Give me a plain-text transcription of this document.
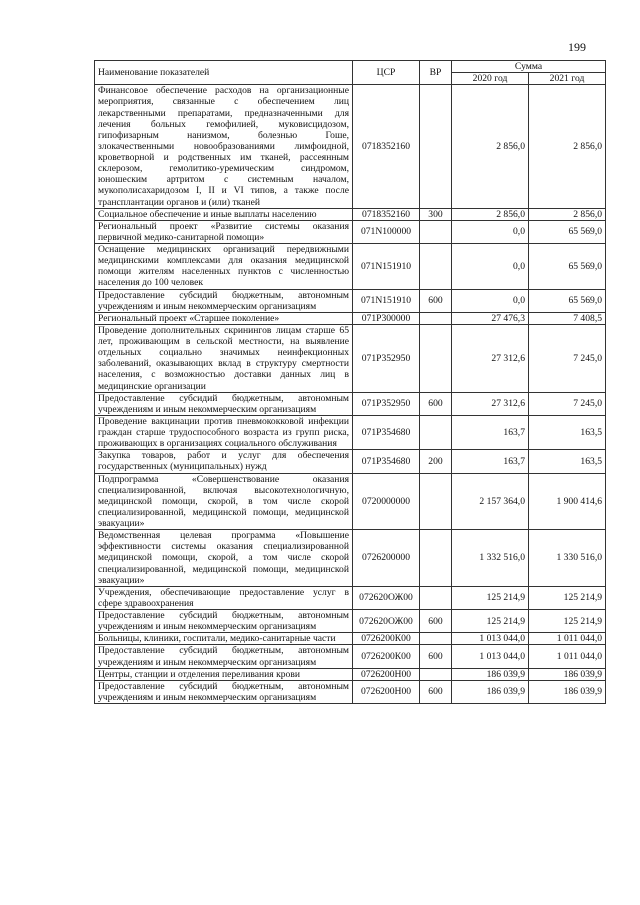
199
Наименование показателей	ЦСР	ВР	Сумма	
			2020 год	2021 год
Финансовое обеспечение расходов на организационные мероприятия, связанные с обеспечением лиц лекарственными препаратами, предназначенными для лечения больных гемофилией, муковисцидозом, гипофизарным нанизмом, болезнью Гоше, злокачественными новообразованиями лимфоидной, кроветворной и родственных им тканей, рассеянным склерозом, гемолитико-уремическим синдромом, юношеским артритом с системным началом, мукополисахаридозом I, II и VI типов, а также после трансплантации органов и (или) тканей	0718352160		2 856,0	2 856,0
Социальное обеспечение и иные выплаты населению	0718352160	300	2 856,0	2 856,0
Региональный проект «Развитие системы оказания первичной медико-санитарной помощи»	071N100000		0,0	65 569,0
Оснащение медицинских организаций передвижными медицинскими комплексами для оказания медицинской помощи жителям населенных пунктов с численностью населения до 100 человек	071N151910		0,0	65 569,0
Предоставление субсидий бюджетным, автономным учреждениям и иным некоммерческим организациям	071N151910	600	0,0	65 569,0
Региональный проект «Старшее поколение»	071P300000		27 476,3	7 408,5
Проведение дополнительных скринингов лицам старше 65 лет, проживающим в сельской местности, на выявление отдельных социально значимых неинфекционных заболеваний, оказывающих вклад в структуру смертности населения, с возможностью доставки данных лиц в медицинские организации	071P352950		27 312,6	7 245,0
Предоставление субсидий бюджетным, автономным учреждениям и иным некоммерческим организациям	071P352950	600	27 312,6	7 245,0
Проведение вакцинации против пневмококковой инфекции граждан старше трудоспособного возраста из групп риска, проживающих в организациях социального обслуживания	071P354680		163,7	163,5
Закупка товаров, работ и услуг для обеспечения государственных (муниципальных) нужд	071P354680	200	163,7	163,5
Подпрограмма «Совершенствование оказания специализированной, включая высокотехнологичную, медицинской помощи, скорой, в том числе скорой специализированной, медицинской помощи, медицинской эвакуации»	0720000000		2 157 364,0	1 900 414,6
Ведомственная целевая программа «Повышение эффективности системы оказания специализированной медицинской помощи, скорой, а том числе скорой специализированной, медицинской помощи, медицинской эвакуации»	0726200000		1 332 516,0	1 330 516,0
Учреждения, обеспечивающие предоставление услуг в сфере здравоохранения	072620ОЖ00		125 214,9	125 214,9
Предоставление субсидий бюджетным, автономным учреждениям и иным некоммерческим организациям	072620ОЖ00	600	125 214,9	125 214,9
Больницы, клиники, госпитали, медико-санитарные части	0726200К00		1 013 044,0	1 011 044,0
Предоставление субсидий бюджетным, автономным учреждениям и иным некоммерческим организациям	0726200К00	600	1 013 044,0	1 011 044,0
Центры, станции и отделения переливания крови	0726200Н00		186 039,9	186 039,9
Предоставление субсидий бюджетным, автономным учреждениям и иным некоммерческим организациям	0726200Н00	600	186 039,9	186 039,9
